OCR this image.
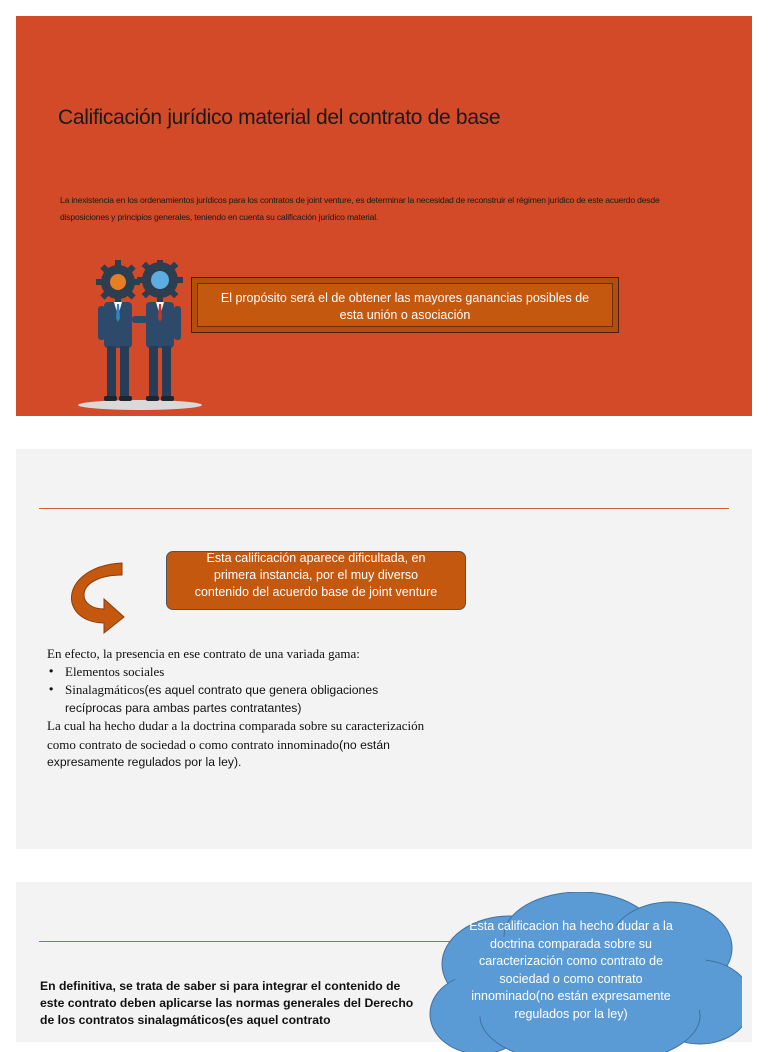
Calificación jurídico material del contrato de base
La inexistencia en los ordenamientos jurídicos para los contratos de joint venture, es determinar la necesidad de reconstruir el régimen jurídico de este acuerdo desde disposiciones y principios generales, teniendo en cuenta su calificación jurídico material.
El propósito será el de obtener las mayores ganancias posibles de esta unión o asociación
Esta calificación aparece dificultada, en primera instancia, por el muy diverso contenido del acuerdo base de joint venture
En efecto, la presencia en ese contrato de una variada gama:
• Elementos sociales
• Sinalagmáticos(es aquel contrato que genera obligaciones recíprocas para ambas partes contratantes)
La cual ha hecho dudar a la doctrina comparada sobre su caracterización como contrato de sociedad o como contrato innominado(no están expresamente regulados por la ley).
En definitiva, se trata de saber si para integrar el contenido de este contrato deben aplicarse las normas generales del Derecho de los contratos sinalagmáticos(es aquel contrato
Esta calificacion ha hecho dudar a la doctrina comparada sobre su caracterización como contrato de sociedad o como contrato innominado(no están expresamente regulados por la ley)
